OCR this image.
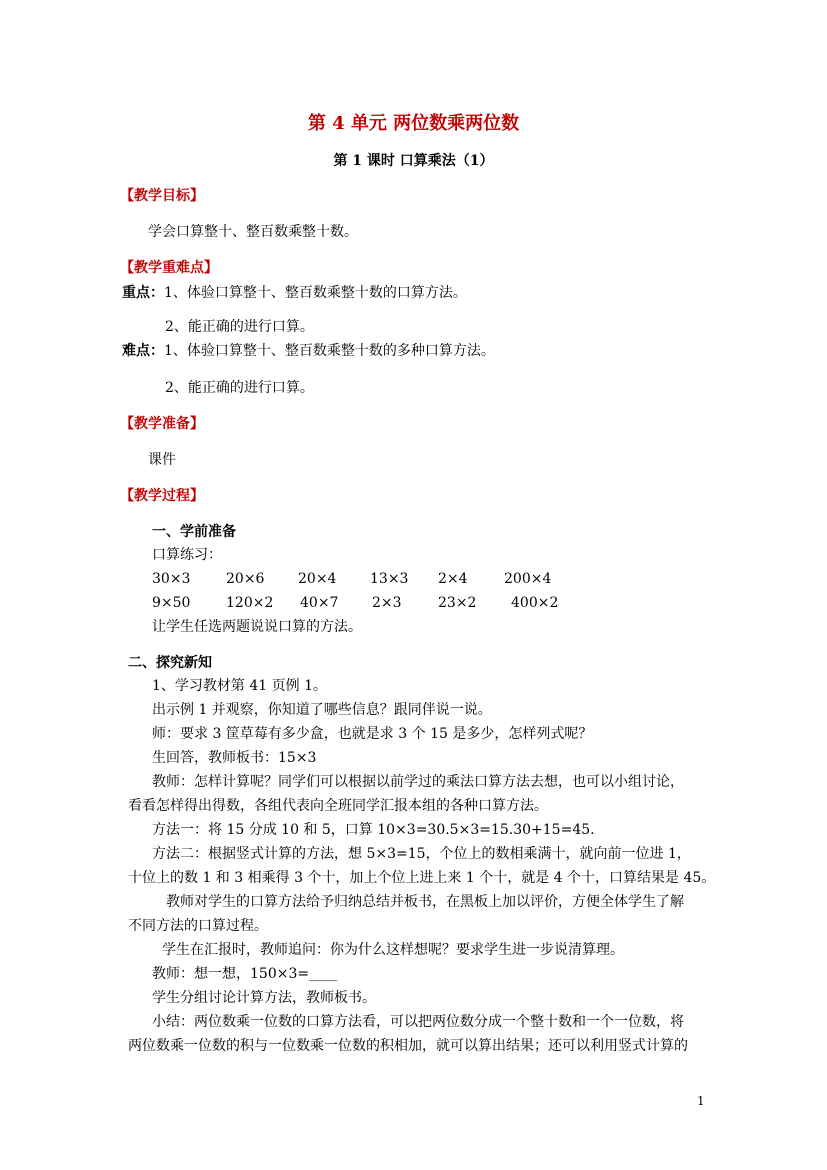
第 4 单元 两位数乘两位数
第 1 课时 口算乘法（1）
【教学目标】
学会口算整十、整百数乘整十数。
【教学重难点】
重点：1、体验口算整十、整百数乘整十数的口算方法。
2、能正确的进行口算。
难点：1、体验口算整十、整百数乘整十数的多种口算方法。
2、能正确的进行口算。
【教学准备】
课件
【教学过程】
一、学前准备
口算练习：
30×3	20×6 20×4 13×3 2×4	200×4
9×50	120×2 40×7 2×3	23×2 400×2
让学生任选两题说说口算的方法。
二、探究新知
1、学习教材第 41 页例 1。
出示例 1 并观察，你知道了哪些信息？跟同伴说一说。
师：要求 3 筐草莓有多少盒，也就是求 3 个 15 是多少，怎样列式呢？
生回答，教师板书：15×3
教师：怎样计算呢？同学们可以根据以前学过的乘法口算方法去想，也可以小组讨论，
看看怎样得出得数，各组代表向全班同学汇报本组的各种口算方法。
方法一：将 15 分成 10 和 5，口算 10×3=30.5×3=15.30+15=45.
方法二：根据竖式计算的方法，想 5×3=15，个位上的数相乘满十，就向前一位进 1，
十位上的数 1 和 3 相乘得 3 个十，加上个位上进上来 1 个十，就是 4 个十，口算结果是 45。
教师对学生的口算方法给予归纳总结并板书，在黑板上加以评价，方便全体学生了解
不同方法的口算过程。
学生在汇报时，教师追问：你为什么这样想呢？要求学生进一步说清算理。
教师：想一想，150×3=____
学生分组讨论计算方法，教师板书。
小结：两位数乘一位数的口算方法看，可以把两位数分成一个整十数和一个一位数，将
两位数乘一位数的积与一位数乘一位数的积相加，就可以算出结果；还可以利用竖式计算的
1
